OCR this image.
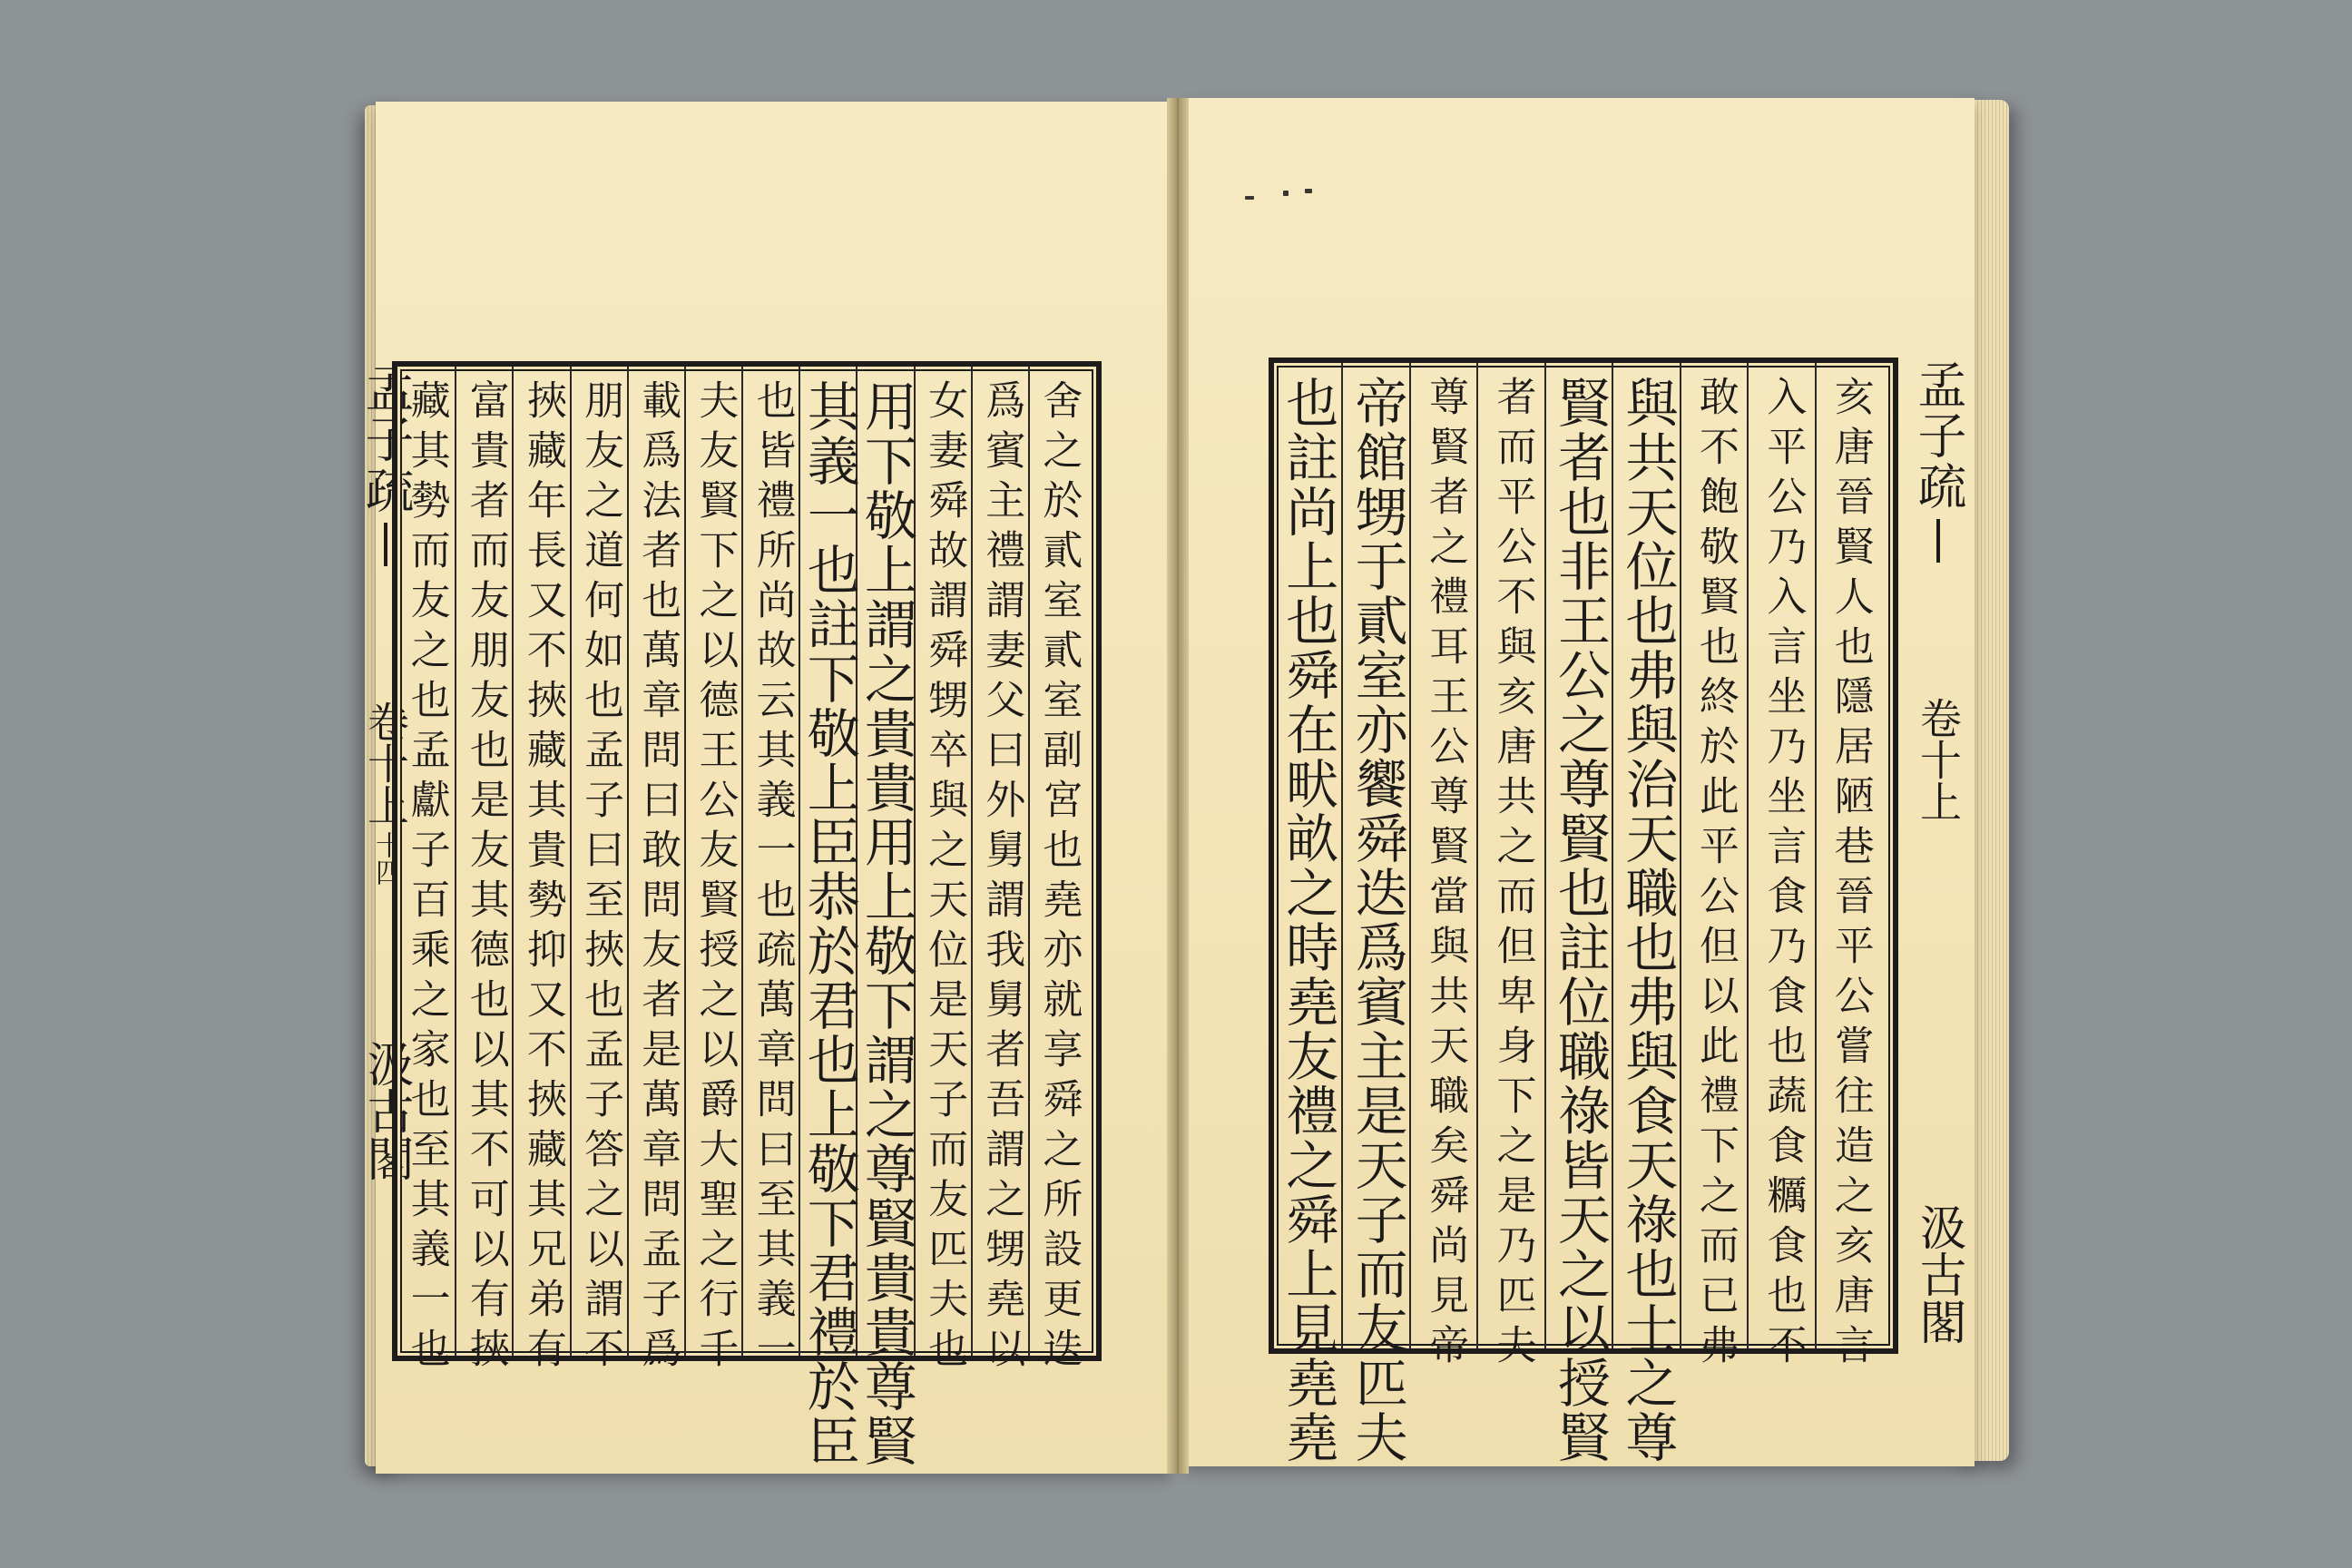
孟子疏
卷十上
十四
汲古閣	舍之於貳室貳室副宮也堯亦就享舜之所設更迭
爲賓主禮謂妻父曰外舅謂我舅者吾謂之甥堯以
女妻舜故謂舜甥卒與之天位是天子而友匹夫也
用下敬上謂之貴貴用上敬下謂之尊賢貴貴尊賢
其義一也註下敬上臣恭於君也上敬下君禮於臣
也皆禮所尚故云其義一也疏萬章問曰至其義一
夫友賢下之以德王公友賢授之以爵大聖之行千
載爲法者也萬章問曰敢問友者是萬章問孟子爲
朋友之道何如也孟子曰至挾也孟子答之以謂不
挾藏年長又不挾藏其貴勢抑又不挾藏其兄弟有
富貴者而友朋友也是友其德也以其不可以有挾
藏其勢而友之也孟獻子百乘之家也至其義一也	亥唐晉賢人也隱居陋巷晉平公嘗往造之亥唐言
入平公乃入言坐乃坐言食乃食也蔬食糲食也不
敢不飽敬賢也終於此平公但以此禮下之而已弗
與共天位也弗與治天職也弗與食天祿也士之尊
賢者也非王公之尊賢也註位職祿皆天之以授賢
者而平公不與亥唐共之而但卑身下之是乃匹夫
尊賢者之禮耳王公尊賢當與共天職矣舜尚見帝
帝館甥于貳室亦饗舜迭爲賓主是天子而友匹夫
也註尚上也舜在畎畝之時堯友禮之舜上見堯堯	孟子疏
卷十上
汲古閣
